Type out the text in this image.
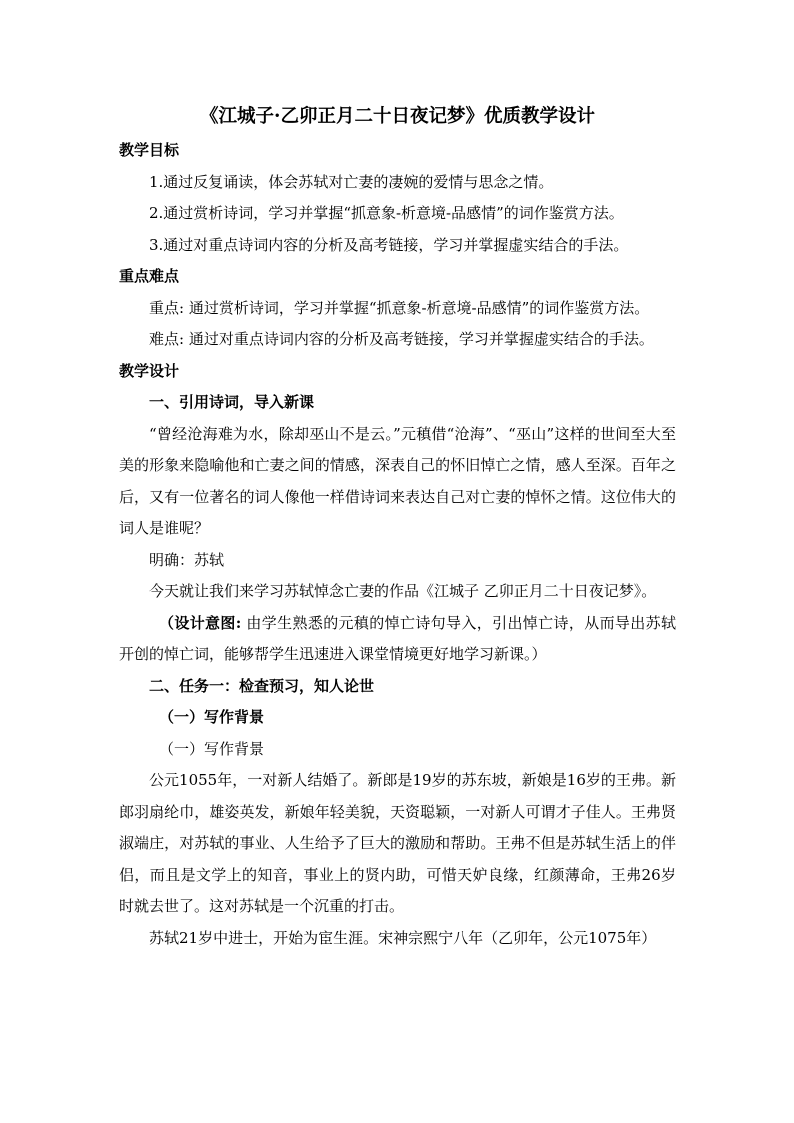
《江城子·乙卯正月二十日夜记梦》优质教学设计

教学目标

1.通过反复诵读，体会苏轼对亡妻的凄婉的爱情与思念之情。

2.通过赏析诗词，学习并掌握“抓意象-析意境-品感情”的词作鉴赏方法。

3.通过对重点诗词内容的分析及高考链接，学习并掌握虚实结合的手法。

重点难点

重点: 通过赏析诗词，学习并掌握“抓意象-析意境-品感情”的词作鉴赏方法。

难点: 通过对重点诗词内容的分析及高考链接，学习并掌握虚实结合的手法。

教学设计

一、引用诗词，导入新课

“曾经沧海难为水，除却巫山不是云。”元稹借“沧海”、“巫山”这样的世间至大至美的形象来隐喻他和亡妻之间的情感，深表自己的怀旧悼亡之情，感人至深。百年之后，又有一位著名的词人像他一样借诗词来表达自己对亡妻的悼怀之情。这位伟大的词人是谁呢？

明确：苏轼

今天就让我们来学习苏轼悼念亡妻的作品《江城子 乙卯正月二十日夜记梦》。

（设计意图: 由学生熟悉的元稹的悼亡诗句导入，引出悼亡诗，从而导出苏轼开创的悼亡词，能够帮学生迅速进入课堂情境更好地学习新课。）

二、任务一：检查预习，知人论世

（一）写作背景

（一）写作背景

公元1055年，一对新人结婚了。新郎是19岁的苏东坡，新娘是16岁的王弗。新郎羽扇纶巾，雄姿英发，新娘年轻美貌，天资聪颖，一对新人可谓才子佳人。王弗贤淑端庄，对苏轼的事业、人生给予了巨大的激励和帮助。王弗不但是苏轼生活上的伴侣，而且是文学上的知音，事业上的贤内助，可惜天妒良缘，红颜薄命，王弗26岁时就去世了。这对苏轼是一个沉重的打击。

苏轼21岁中进士，开始为宦生涯。宋神宗熙宁八年（乙卯年，公元1075年）
